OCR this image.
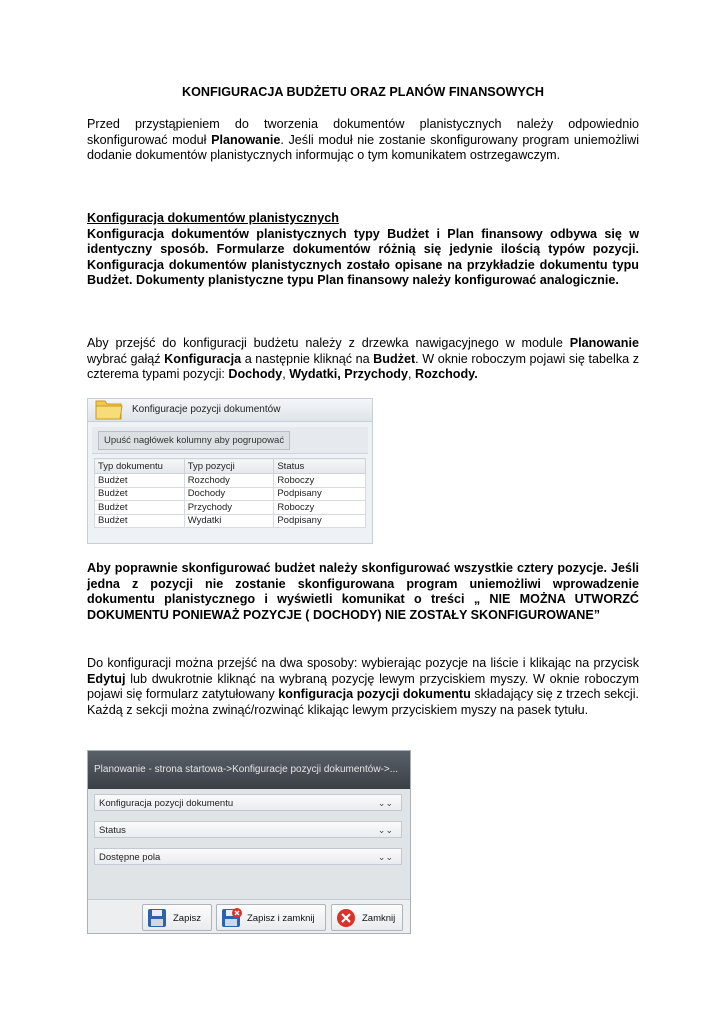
KONFIGURACJA BUDŻETU ORAZ PLANÓW FINANSOWYCH
Przed przystąpieniem do tworzenia dokumentów planistycznych należy odpowiednio skonfigurować moduł Planowanie. Jeśli moduł nie zostanie skonfigurowany program uniemożliwi dodanie dokumentów planistycznych informując o tym komunikatem ostrzegawczym.
Konfiguracja dokumentów planistycznych
Konfiguracja dokumentów planistycznych typy Budżet i Plan finansowy odbywa się w identyczny sposób. Formularze dokumentów różnią się jedynie ilością typów pozycji. Konfiguracja dokumentów planistycznych zostało opisane na przykładzie dokumentu typu Budżet. Dokumenty planistyczne typu Plan finansowy należy konfigurować analogicznie.
Aby przejść do konfiguracji budżetu należy z drzewka nawigacyjnego w module Planowanie wybrać gałąź Konfiguracja a następnie kliknąć na Budżet. W oknie roboczym pojawi się tabelka z czterema typami pozycji: Dochody, Wydatki, Przychody, Rozchody.
Aby poprawnie skonfigurować budżet należy skonfigurować wszystkie cztery pozycje. Jeśli jedna z pozycji nie zostanie skonfigurowana program uniemożliwi wprowadzenie dokumentu planistycznego i wyświetli komunikat o treści „ NIE MOŻNA UTWORZĆ DOKUMENTU PONIEWAŻ POZYCJE ( DOCHODY) NIE ZOSTAŁY SKONFIGUROWANE”
Do konfiguracji można przejść na dwa sposoby: wybierając pozycje na liście i klikając na przycisk Edytuj lub dwukrotnie kliknąć na wybraną pozycję lewym przyciskiem myszy. W oknie roboczym pojawi się formularz zatytułowany konfiguracja pozycji dokumentu składający się z trzech sekcji. Każdą z sekcji można zwinąć/rozwinąć klikając lewym przyciskiem myszy na pasek tytułu.
Konfiguracje pozycji dokumentów
Upuść nagłówek kolumny aby pogrupować
Typ dokumentu	Typ pozycji	Status
Budżet	Rozchody	Roboczy
Budżet	Dochody	Podpisany
Budżet	Przychody	Roboczy
Budżet	Wydatki	Podpisany
Planowanie - strona startowa->Konfiguracje pozycji dokumentów->...
Konfiguracja pozycji dokumentu	⌄⌄
Status	⌄⌄
Dostępne pola	⌄⌄
Zapisz	Zapisz i zamknij	Zamknij
